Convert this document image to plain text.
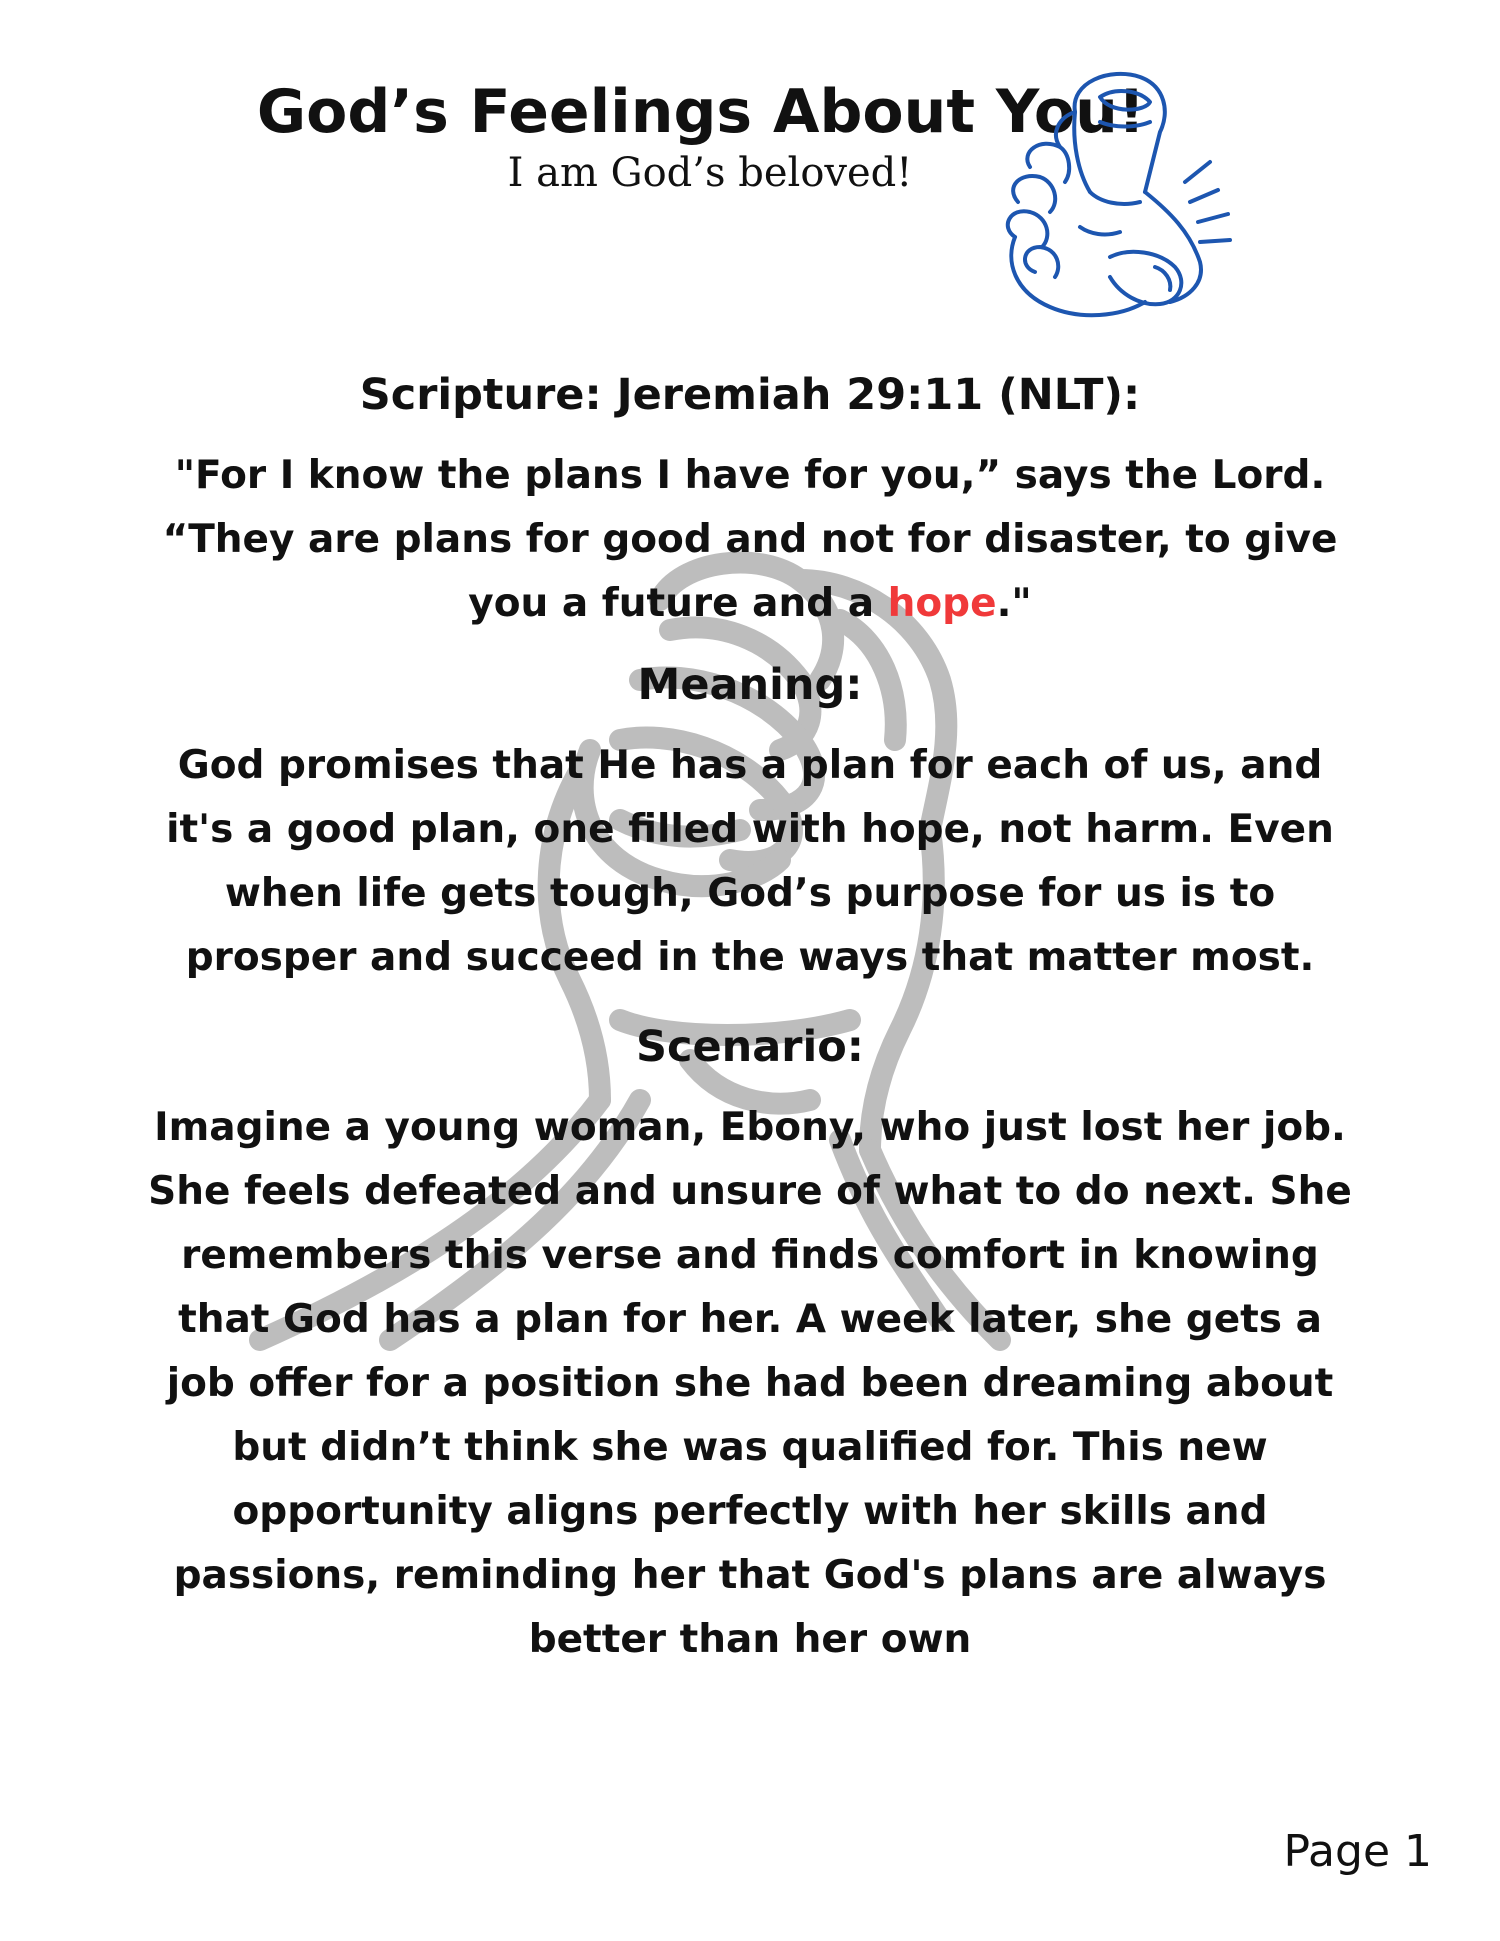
God’s Feelings About You!
I am God’s beloved!

Scripture: Jeremiah 29:11 (NLT):

"For I know the plans I have for you,” says the Lord. “They are plans for good and not for disaster, to give you a future and a hope."

Meaning:

God promises that He has a plan for each of us, and it's a good plan, one filled with hope, not harm. Even when life gets tough, God’s purpose for us is to prosper and succeed in the ways that matter most.

Scenario:

Imagine a young woman, Ebony, who just lost her job. She feels defeated and unsure of what to do next. She remembers this verse and finds comfort in knowing that God has a plan for her. A week later, she gets a job offer for a position she had been dreaming about but didn’t think she was qualified for. This new opportunity aligns perfectly with her skills and passions, reminding her that God's plans are always better than her own

Page 1
